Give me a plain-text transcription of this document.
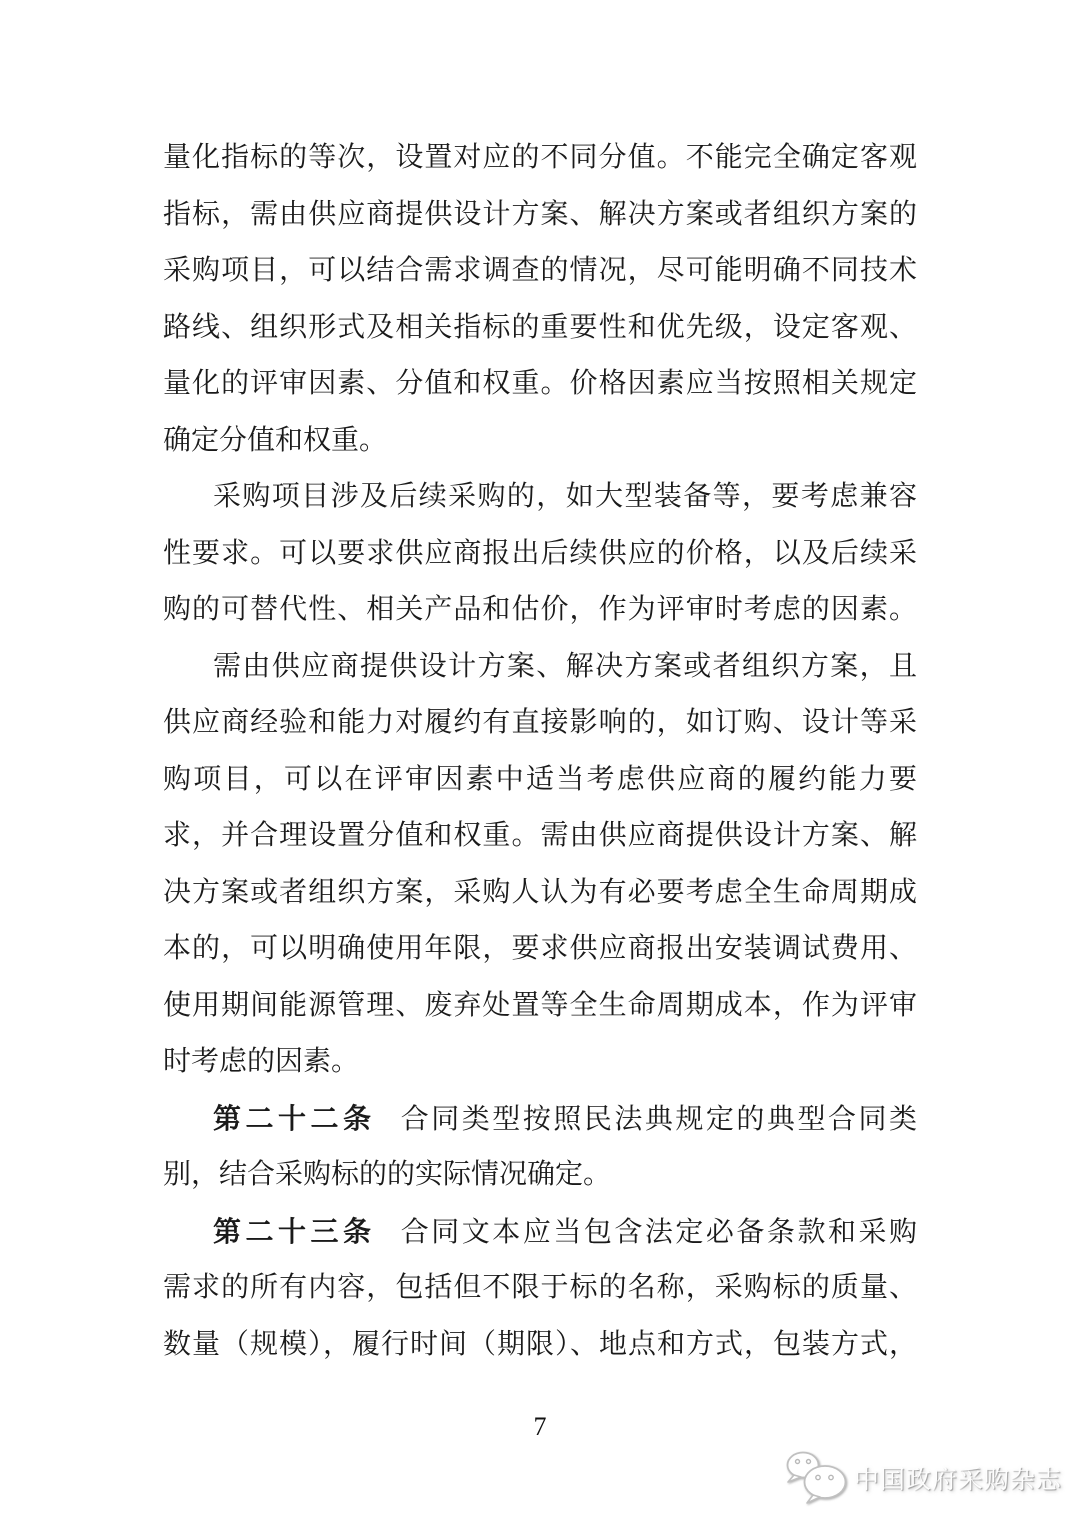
量化指标的等次，设置对应的不同分值。不能完全确定客观
指标，需由供应商提供设计方案、解决方案或者组织方案的
采购项目，可以结合需求调查的情况，尽可能明确不同技术
路线、组织形式及相关指标的重要性和优先级，设定客观、
量化的评审因素、分值和权重。价格因素应当按照相关规定
确定分值和权重。
采购项目涉及后续采购的，如大型装备等，要考虑兼容
性要求。可以要求供应商报出后续供应的价格，以及后续采
购的可替代性、相关产品和估价，作为评审时考虑的因素。
需由供应商提供设计方案、解决方案或者组织方案，且
供应商经验和能力对履约有直接影响的，如订购、设计等采
购项目，可以在评审因素中适当考虑供应商的履约能力要
求，并合理设置分值和权重。需由供应商提供设计方案、解
决方案或者组织方案，采购人认为有必要考虑全生命周期成
本的，可以明确使用年限，要求供应商报出安装调试费用、
使用期间能源管理、废弃处置等全生命周期成本，作为评审
时考虑的因素。
第二十二条 合同类型按照民法典规定的典型合同类
别，结合采购标的的实际情况确定。
第二十三条 合同文本应当包含法定必备条款和采购
需求的所有内容，包括但不限于标的名称，采购标的质量、
数量（规模），履行时间（期限）、地点和方式，包装方式，
7
中国政府采购杂志
